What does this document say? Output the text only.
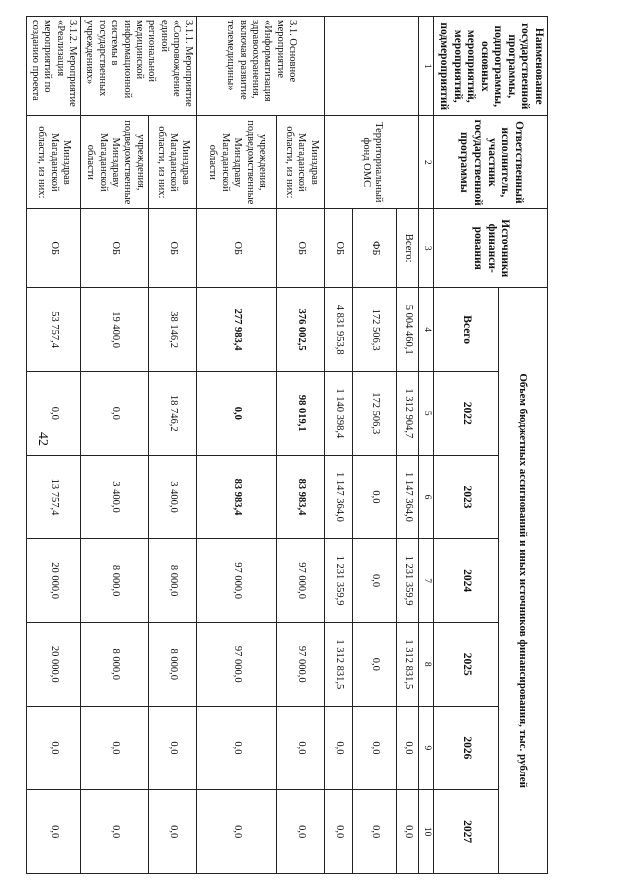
42
Наименование государственной программы, подпрограммы, основных мероприятий, мероприятий, подмероприятий	Ответственный исполнитель, участник государственной программы	Источники финанси-рования	Объем бюджетных ассигнований и иных источников финансирования, тыс. рублей						
			Всего	2022	2023	2024	2025	2026	2027
1	2	3	4	5	6	7	8	9	10
	Территориальный фонд ОМС	Всего:	5 004 460,1	1 312 904,7	1 147 364,0	1 231 359,9	1 312 831,5	0,0	0,0
		ФБ	172 506,3	172 506,3	0,0	0,0	0,0	0,0	0,0
		ОБ	4 831 953,8	1 140 398,4	1 147 364,0	1 231 359,9	1 312 831,5	0,0	0,0
3.1. Основное мероприятие «Информатизация здравоохранения, включая развитие телемедицины»	Минздрав Магаданской области, из них:	ОБ	376 002,5	98 019,1	83 983,4	97 000,0	97 000,0	0,0	0,0
	учреждения, подведомственные Минздраву Магаданской области	ОБ	277 983,4	0,0	83 983,4	97 000,0	97 000,0	0,0	0,0
3.1.1. Мероприятие «Сопровождение единой региональной медицинской информационной системы в государственных учреждениях»	Минздрав Магаданской области, из них:	ОБ	38 146,2	18 746,2	3 400,0	8 000,0	8 000,0	0,0	0,0
	учреждения, подведомственные Минздраву Магаданской области	ОБ	19 400,0	0,0	3 400,0	8 000,0	8 000,0	0,0	0,0
3.1.2. Мероприятие «Реализация мероприятий по созданию проекта	Минздрав Магаданской области, из них:	ОБ	53 757,4	0,0	13 757,4	20 000,0	20 000,0	0,0	0,0
